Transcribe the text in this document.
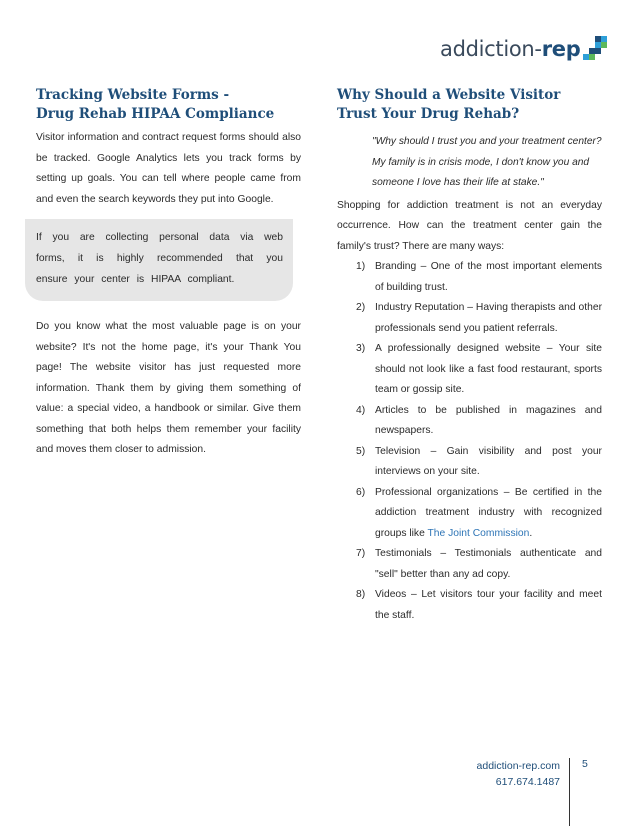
addiction-rep
Tracking Website Forms -
Drug Rehab HIPAA Compliance

Visitor information and contract request forms should also be tracked. Google Analytics lets you track forms by setting up goals. You can tell where people came from and even the search keywords they put into Google.

If you are collecting personal data via web forms, it is highly recommended that you ensure your center is HIPAA compliant.

Do you know what the most valuable page is on your website? It's not the home page, it's your Thank You page! The website visitor has just requested more information. Thank them by giving them something of value: a special video, a handbook or similar. Give them something that both helps them remember your facility and moves them closer to admission.

Why Should a Website Visitor
Trust Your Drug Rehab?

"Why should I trust you and your treatment center? My family is in crisis mode, I don't know you and someone I love has their life at stake."

Shopping for addiction treatment is not an everyday occurrence. How can the treatment center gain the family's trust? There are many ways:

1) Branding – One of the most important elements of building trust.
2) Industry Reputation – Having therapists and other professionals send you patient referrals.
3) A professionally designed website – Your site should not look like a fast food restaurant, sports team or gossip site.
4) Articles to be published in magazines and newspapers.
5) Television – Gain visibility and post your interviews on your site.
6) Professional organizations – Be certified in the addiction treatment industry with recognized groups like The Joint Commission.
7) Testimonials – Testimonials authenticate and "sell" better than any ad copy.
8) Videos – Let visitors tour your facility and meet the staff.
addiction-rep.com
617.674.1487
5
